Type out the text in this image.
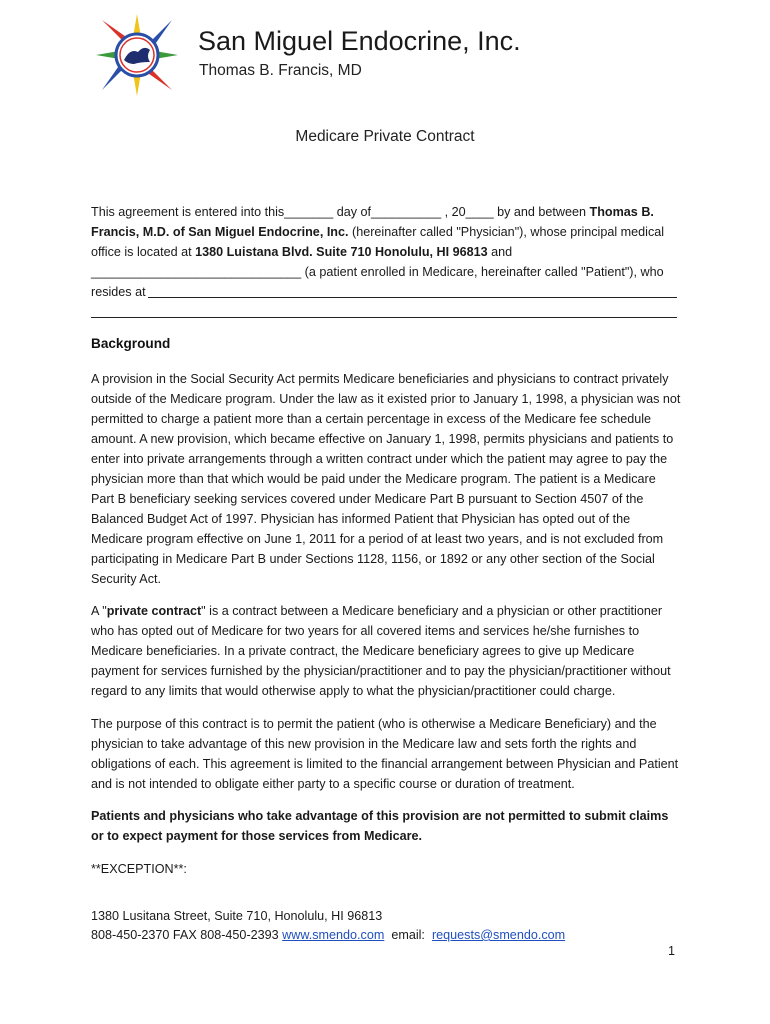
San Miguel Endocrine, Inc.
Thomas B. Francis, MD
Medicare Private Contract
This agreement is entered into this_______ day of__________ , 20____ by and between Thomas B.
Francis, M.D. of San Miguel Endocrine, Inc. (hereinafter called "Physician"), whose principal medical
office is located at 1380 Luistana Blvd. Suite 710 Honolulu, HI 96813 and
______________________________ (a patient enrolled in Medicare, hereinafter called "Patient"), who
resides at
Background

A provision in the Social Security Act permits Medicare beneficiaries and physicians to contract privately outside of the Medicare program. Under the law as it existed prior to January 1, 1998, a physician was not permitted to charge a patient more than a certain percentage in excess of the Medicare fee schedule amount. A new provision, which became effective on January 1, 1998, permits physicians and patients to enter into private arrangements through a written contract under which the patient may agree to pay the physician more than that which would be paid under the Medicare program. The patient is a Medicare Part B beneficiary seeking services covered under Medicare Part B pursuant to Section 4507 of the Balanced Budget Act of 1997. Physician has informed Patient that Physician has opted out of the Medicare program effective on June 1, 2011 for a period of at least two years, and is not excluded from participating in Medicare Part B under Sections 1128, 1156, or 1892 or any other section of the Social Security Act.

A "private contract" is a contract between a Medicare beneficiary and a physician or other practitioner who has opted out of Medicare for two years for all covered items and services he/she furnishes to Medicare beneficiaries. In a private contract, the Medicare beneficiary agrees to give up Medicare payment for services furnished by the physician/practitioner and to pay the physician/practitioner without regard to any limits that would otherwise apply to what the physician/practitioner could charge.

The purpose of this contract is to permit the patient (who is otherwise a Medicare Beneficiary) and the physician to take advantage of this new provision in the Medicare law and sets forth the rights and obligations of each. This agreement is limited to the financial arrangement between Physician and Patient and is not intended to obligate either party to a specific course or duration of treatment.

Patients and physicians who take advantage of this provision are not permitted to submit claims or to expect payment for those services from Medicare.

**EXCEPTION**:

1380 Lusitana Street, Suite 710, Honolulu, HI 96813
808-450-2370 FAX 808-450-2393 www.smendo.com  email:  requests@smendo.com
1
